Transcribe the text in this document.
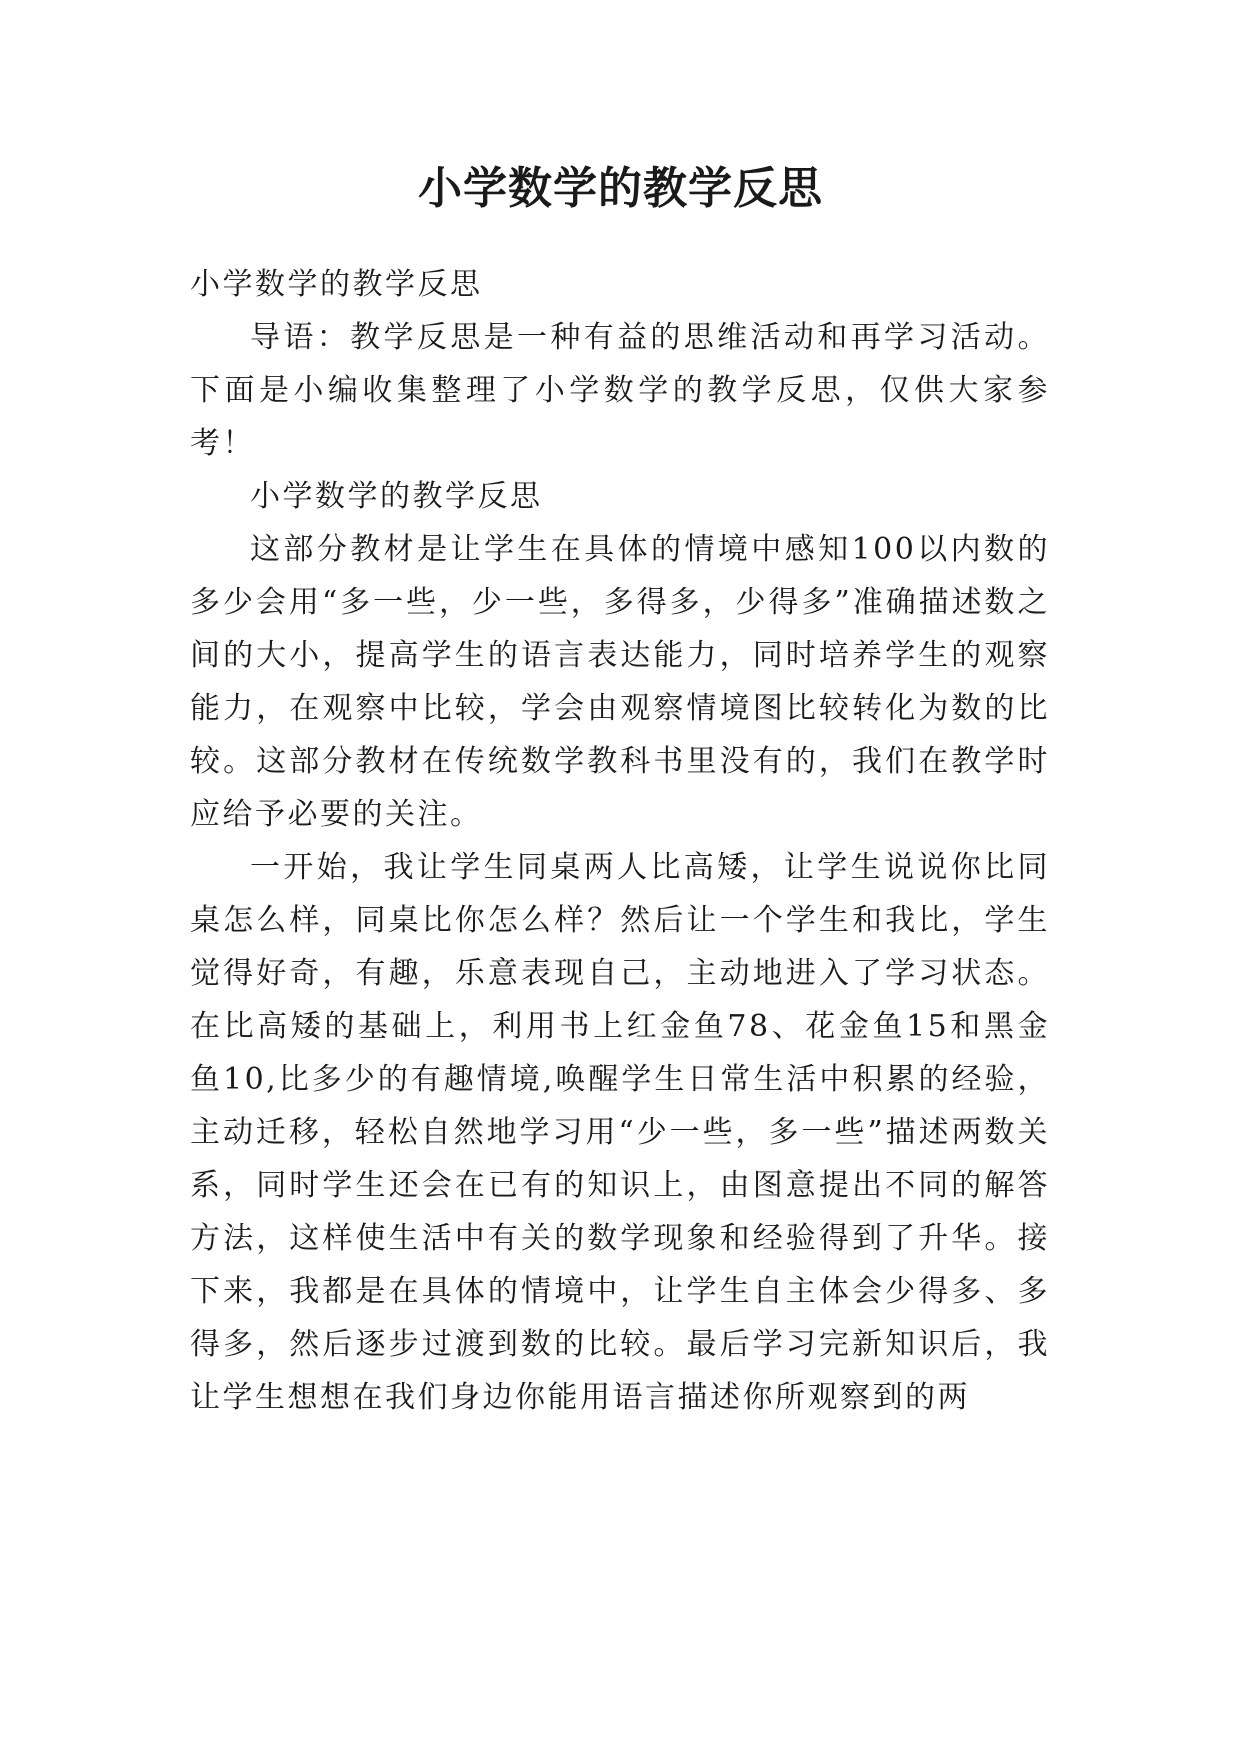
小学数学的教学反思

小学数学的教学反思

导语：教学反思是一种有益的思维活动和再学习活动。下面是小编收集整理了小学数学的教学反思，仅供大家参考！

小学数学的教学反思

这部分教材是让学生在具体的情境中感知100以内数的多少会用“多一些，少一些，多得多，少得多”准确描述数之间的大小，提高学生的语言表达能力，同时培养学生的观察能力，在观察中比较，学会由观察情境图比较转化为数的比较。这部分教材在传统数学教科书里没有的，我们在教学时应给予必要的关注。

一开始，我让学生同桌两人比高矮，让学生说说你比同桌怎么样，同桌比你怎么样？然后让一个学生和我比，学生觉得好奇，有趣，乐意表现自己，主动地进入了学习状态。在比高矮的基础上，利用书上红金鱼78、花金鱼15和黑金鱼10,比多少的有趣情境,唤醒学生日常生活中积累的经验，主动迁移，轻松自然地学习用“少一些，多一些”描述两数关系，同时学生还会在已有的知识上，由图意提出不同的解答方法，这样使生活中有关的数学现象和经验得到了升华。接下来，我都是在具体的情境中，让学生自主体会少得多、多得多，然后逐步过渡到数的比较。最后学习完新知识后，我让学生想想在我们身边你能用语言描述你所观察到的两
